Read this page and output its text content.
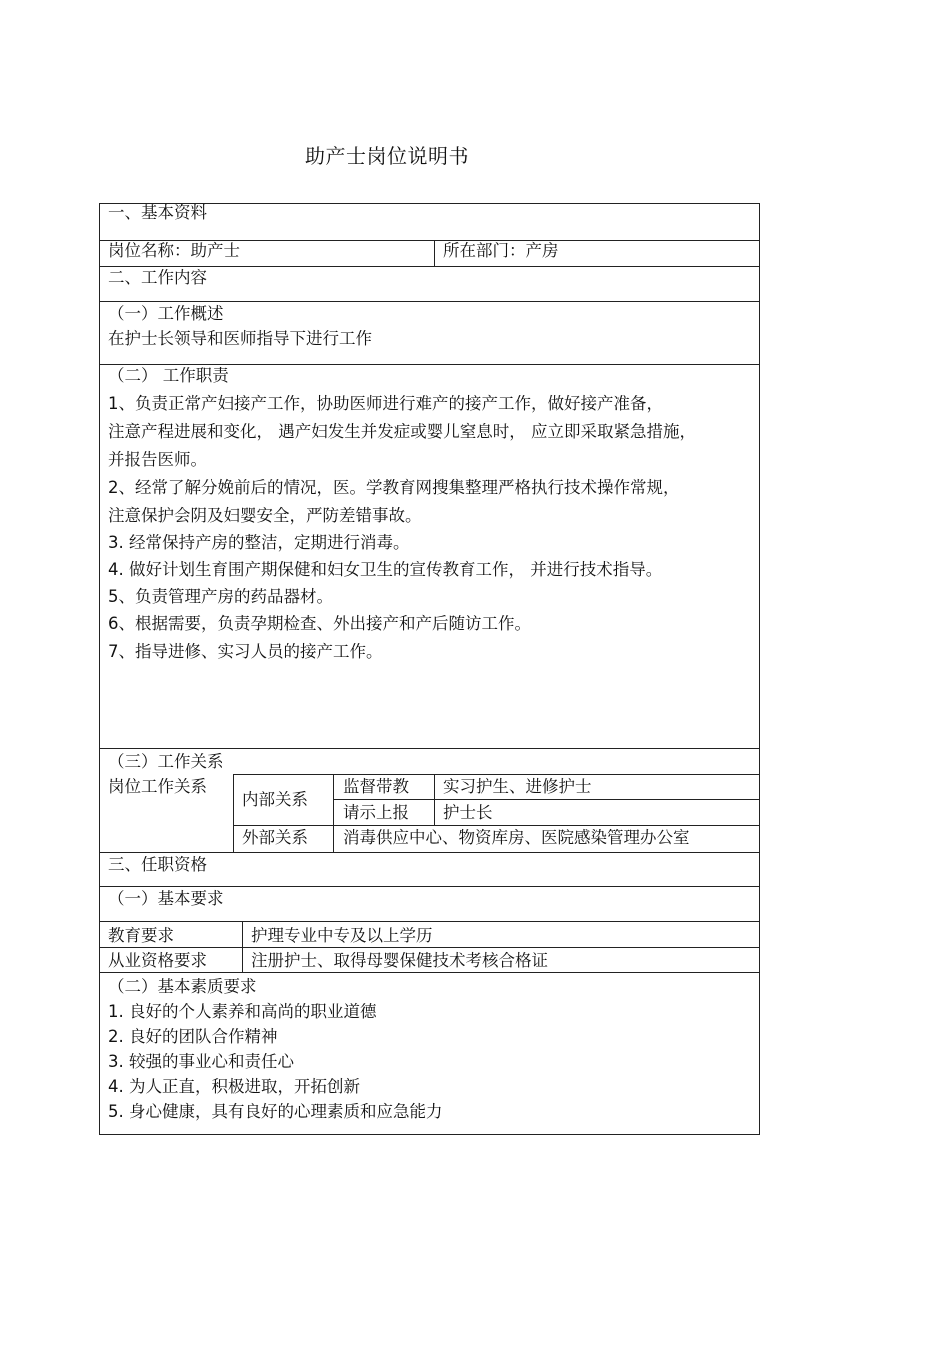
助产士岗位说明书
一、基本资料
岗位名称：助产士	所在部门：产房
二、工作内容
（一）工作概述
在护士长领导和医师指导下进行工作
（二） 工作职责
1、负责正常产妇接产工作，协助医师进行难产的接产工作，做好接产准备，
注意产程进展和变化， 遇产妇发生并发症或婴儿窒息时， 应立即采取紧急措施，
并报告医师。
2、经常了解分娩前后的情况，医。学教育网搜集整理严格执行技术操作常规，
注意保护会阴及妇婴安全，严防差错事故。
3. 经常保持产房的整洁，定期进行消毒。
4. 做好计划生育围产期保健和妇女卫生的宣传教育工作， 并进行技术指导。
5、负责管理产房的药品器材。
6、根据需要，负责孕期检查、外出接产和产后随访工作。
7、指导进修、实习人员的接产工作。
（三）工作关系
岗位工作关系
内部关系
监督带教 实习护生、进修护士
请示上报 护士长
外部关系 消毒供应中心、物资库房、医院感染管理办公室
三、任职资格
（一）基本要求
教育要求	护理专业中专及以上学历
从业资格要求	注册护士、取得母婴保健技术考核合格证
（二）基本素质要求
1. 良好的个人素养和高尚的职业道德
2. 良好的团队合作精神
3. 较强的事业心和责任心
4. 为人正直，积极进取，开拓创新
5. 身心健康，具有良好的心理素质和应急能力
